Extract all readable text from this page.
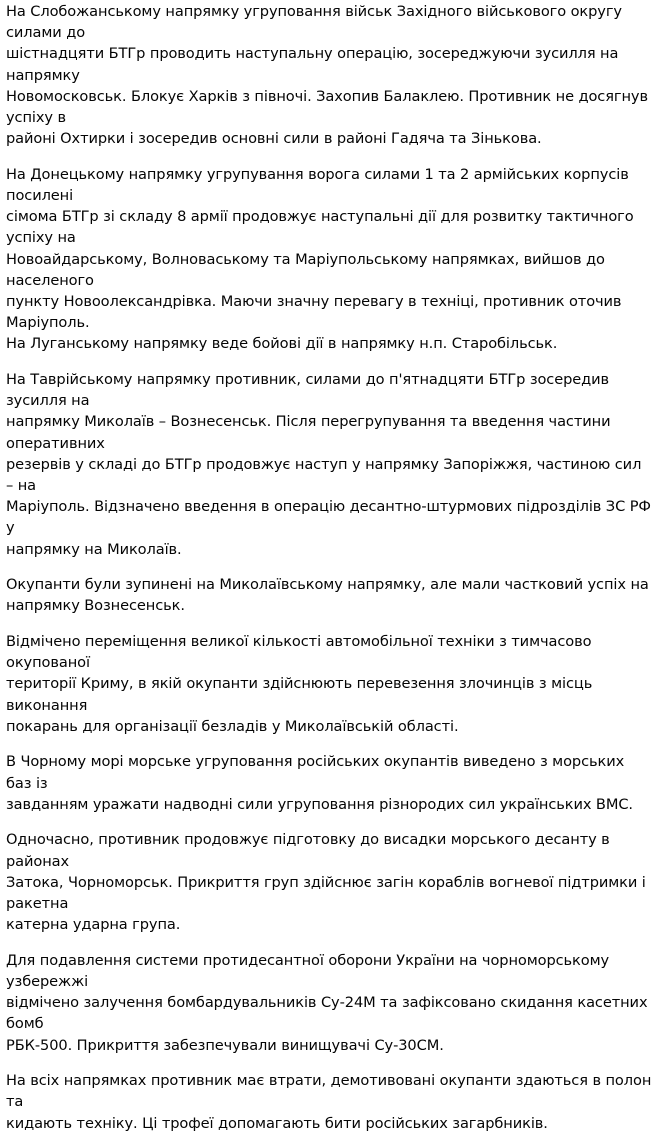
На Слобожанському напрямку угруповання військ Західного військового округу силами до
шістнадцяти БТГр проводить наступальну операцію, зосереджуючи зусилля на напрямку
Новомосковськ. Блокує Харків з півночі. Захопив Балаклею. Противник не досягнув успіху в
районі Охтирки і зосередив основні сили в районі Гадяча та Зінькова.

На Донецькому напрямку угрупування ворога силами 1 та 2 армійських корпусів посилені
сімома БТГр зі складу 8 армії продовжує наступальні дії для розвитку тактичного успіху на
Новоайдарському, Волноваському та Маріупольському напрямках, вийшов до населеного
пункту Новоолександрівка. Маючи значну перевагу в техніці, противник оточив Маріуполь.
На Луганському напрямку веде бойові дії в напрямку н.п. Старобільськ.

На Таврійському напрямку противник, силами до п'ятнадцяти БТГр зосередив зусилля на
напрямку Миколаїв – Вознесенськ. Після перегрупування та введення частини оперативних
резервів у складі до БТГр продовжує наступ у напрямку Запоріжжя, частиною сил – на
Маріуполь. Відзначено введення в операцію десантно-штурмових підрозділів ЗС РФ у
напрямку на Миколаїв.

Окупанти були зупинені на Миколаївському напрямку, але мали частковий успіх на
напрямку Вознесенськ.

Відмічено переміщення великої кількості автомобільної техніки з тимчасово окупованої
території Криму, в якій окупанти здійснюють перевезення злочинців з місць виконання
покарань для організації безладів у Миколаївській області.

В Чорному морі морське угруповання російських окупантів виведено з морських баз із
завданням уражати надводні сили угруповання різнородих сил українських ВМС.

Одночасно, противник продовжує підготовку до висадки морського десанту в районах
Затока, Чорноморськ. Прикриття груп здійснює загін кораблів вогневої підтримки і ракетна
катерна ударна група.

Для подавлення системи протидесантної оборони України на чорноморському узбережжі
відмічено залучення бомбардувальників Су-24М та зафіксовано скидання касетних бомб
РБК-500. Прикриття забезпечували винищувачі Су-30СМ.

На всіх напрямках противник має втрати, демотивовані окупанти здаються в полон та
кидають техніку. Ці трофеї допомагають бити російських загарбників.
